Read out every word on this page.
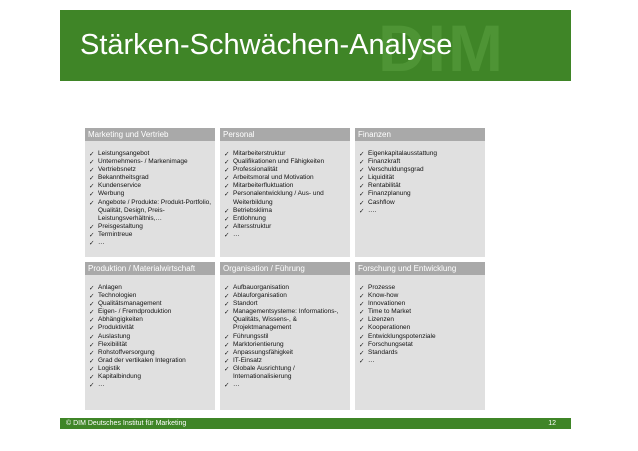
DIM
Stärken-Schwächen-Analyse
Marketing und Vertrieb
✓ Leistungsangebot
✓ Unternehmens- / Markenimage
✓ Vertriebsnetz
✓ Bekanntheitsgrad
✓ Kundenservice
✓ Werbung
✓ Angebote / Produkte: Produkt-Portfolio, Qualität, Design, Preis-Leistungsverhältnis,…
✓ Preisgestaltung
✓ Termintreue
✓ …
Personal
✓ Mitarbeiterstruktur
✓ Qualifikationen und Fähigkeiten
✓ Professionalität
✓ Arbeitsmoral und Motivation
✓ Mitarbeiterfluktuation
✓ Personalentwicklung / Aus- und Weiterbildung
✓ Betriebsklima
✓ Entlohnung
✓ Altersstruktur
✓ …
Finanzen
✓ Eigenkapitalausstattung
✓ Finanzkraft
✓ Verschuldungsgrad
✓ Liquidität
✓ Rentabilität
✓ Finanzplanung
✓ Cashflow
✓ ….
Produktion / Materialwirtschaft
✓ Anlagen
✓ Technologien
✓ Qualitätsmanagement
✓ Eigen- / Fremdproduktion
✓ Abhängigkeiten
✓ Produktivität
✓ Auslastung
✓ Flexibilität
✓ Rohstoffversorgung
✓ Grad der vertikalen Integration
✓ Logistik
✓ Kapitalbindung
✓ …
Organisation / Führung
✓ Aufbauorganisation
✓ Ablauforganisation
✓ Standort
✓ Managementsysteme: Informations-, Qualitäts, Wissens-, & Projektmanagement
✓ Führungsstil
✓ Marktorientierung
✓ Anpassungsfähigkeit
✓ IT-Einsatz
✓ Globale Ausrichtung / Internationalisierung
✓ …
Forschung und Entwicklung
✓ Prozesse
✓ Know-how
✓ Innovationen
✓ Time to Market
✓ Lizenzen
✓ Kooperationen
✓ Entwicklungspotenziale
✓ Forschungsetat
✓ Standards
✓ …
© DIM Deutsches Institut für Marketing	12
